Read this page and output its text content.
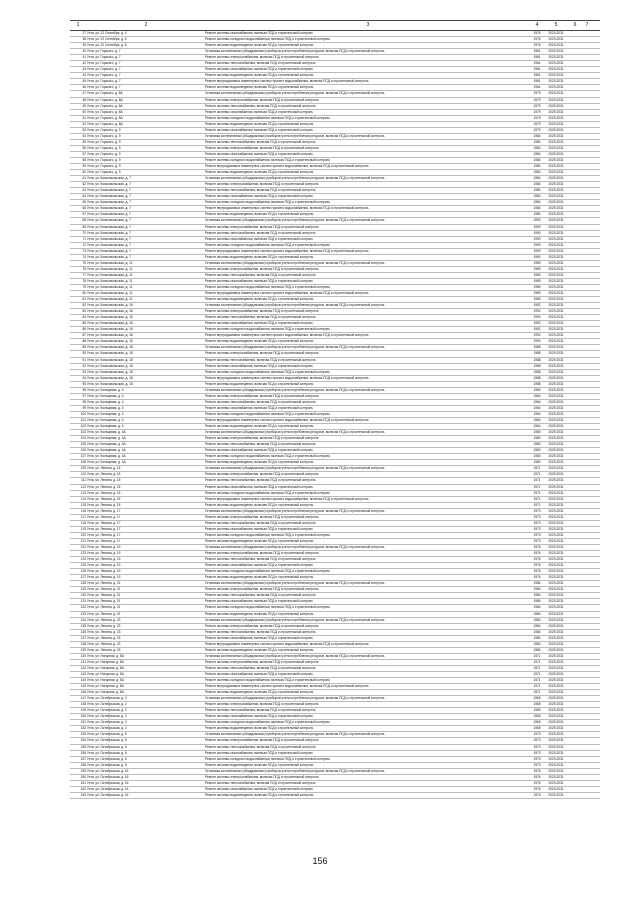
1	2	3	4	5	6	7
37 Ухта, ул. 22 Сентября, д. 4	Ремонт системы газоснабжения, включая ПСД и строительный контроль	1976	2029-2031
38 Ухта, ул. 22 Сентября, д. 6	Ремонт системы холодного водоснабжения, включая ПСД и строительный контроль	1976	2029-2031
39 Ухта, ул. 22 Сентября, д. 6	Ремонт системы водоотведения, включая ПСД и строительный контроль	1976	2029-2031
40 Ухта, ул. Горького, д. 7	Установка коллективных (общедомовых) приборов учета потребления ресурсов, включая ПСД и строительный контроль	1961	2029-2031
41 Ухта, ул. Горького, д. 7	Ремонт системы электроснабжения, включая ПСД и строительный контроль	1961	2029-2031
42 Ухта, ул. Горького, д. 7	Ремонт системы теплоснабжения, включая ПСД и строительный контроль	1961	2029-2031
43 Ухта, ул. Горького, д. 7	Ремонт системы газоснабжения, включая ПСД и строительный контроль	1961	2029-2031
44 Ухта, ул. Горького, д. 7	Ремонт системы водоотведения, включая ПСД и строительный контроль	1961	2029-2031
45 Ухта, ул. Горького, д. 7	Ремонт внутридомовых инженерных систем горячего водоснабжения, включая ПСД и строительный контроль	1961	2029-2031
46 Ухта, ул. Горького, д. 7	Ремонт системы водоотведения, включая ПСД и строительный контроль	1961	2029-2031
47 Ухта, ул. Горького, д. 8А	Установка коллективных (общедомовых) приборов учета потребления ресурсов, включая ПСД и строительный контроль	1979	2029-2031
48 Ухта, ул. Горького, д. 8А	Ремонт системы электроснабжения, включая ПСД и строительный контроль	1979	2029-2031
49 Ухта, ул. Горького, д. 8А	Ремонт системы теплоснабжения, включая ПСД и строительный контроль	1979	2029-2031
50 Ухта, ул. Горького, д. 8А	Ремонт системы газоснабжения, включая ПСД и строительный контроль	1979	2029-2031
51 Ухта, ул. Горького, д. 8А	Ремонт системы холодного водоснабжения, включая ПСД и строительный контроль	1979	2029-2031
52 Ухта, ул. Горького, д. 8А	Ремонт системы водоотведения, включая ПСД и строительный контроль	1979	2029-2031
53 Ухта, ул. Горького, д. 9	Ремонт системы газоснабжения, включая ПСД и строительный контроль	1979	2029-2031
54 Ухта, ул. Горького, д. 9	Установка коллективных (общедомовых) приборов учета потребления ресурсов, включая ПСД и строительный контроль	1984	2029-2031
55 Ухта, ул. Горького, д. 9	Ремонт системы теплоснабжения, включая ПСД и строительный контроль	1984	2029-2031
56 Ухта, ул. Горького, д. 9	Ремонт системы электроснабжения, включая ПСД и строительный контроль	1984	2029-2031
57 Ухта, ул. Горького, д. 9	Ремонт системы газоснабжения, включая ПСД и строительный контроль	1984	2029-2031
58 Ухта, ул. Горького, д. 9	Ремонт системы холодного водоснабжения, включая ПСД и строительный контроль	1984	2029-2031
59 Ухта, ул. Горького, д. 9	Ремонт внутридомовых инженерных систем горячего водоснабжения, включая ПСД и строительный контроль	1984	2029-2031
60 Ухта, ул. Горького, д. 9	Ремонт системы водоотведения, включая ПСД и строительный контроль	1984	2029-2031
61 Ухта, ул. Комсомольская, д. 7	Установка коллективных (общедомовых) приборов учета потребления ресурсов, включая ПСД и строительный контроль	1984	2029-2031
62 Ухта, ул. Комсомольская, д. 7	Ремонт системы электроснабжения, включая ПСД и строительный контроль	1984	2029-2031
63 Ухта, ул. Комсомольская, д. 7	Ремонт системы теплоснабжения, включая ПСД и строительный контроль	1984	2029-2031
64 Ухта, ул. Комсомольская, д. 7	Ремонт системы газоснабжения, включая ПСД и строительный контроль	1984	2029-2031
65 Ухта, ул. Комсомольская, д. 7	Ремонт системы холодного водоснабжения, включая ПСД и строительный контроль	1984	2029-2031
66 Ухта, ул. Комсомольская, д. 7	Ремонт внутридомовых инженерных систем горячего водоснабжения, включая ПСД и строительный контроль	1984	2029-2031
67 Ухта, ул. Комсомольская, д. 7	Ремонт системы водоотведения, включая ПСД и строительный контроль	1984	2029-2031
68 Ухта, ул. Комсомольская, д. 7	Установка коллективных (общедомовых) приборов учета потребления ресурсов, включая ПСД и строительный контроль	1990	2029-2031
69 Ухта, ул. Комсомольская, д. 7	Ремонт системы электроснабжения, включая ПСД и строительный контроль	1990	2029-2031
70 Ухта, ул. Комсомольская, д. 7	Ремонт системы теплоснабжения, включая ПСД и строительный контроль	1990	2029-2031
71 Ухта, ул. Комсомольская, д. 7	Ремонт системы газоснабжения, включая ПСД и строительный контроль	1990	2029-2031
72 Ухта, ул. Комсомольская, д. 7	Ремонт системы холодного водоснабжения, включая ПСД и строительный контроль	1990	2029-2031
73 Ухта, ул. Комсомольская, д. 7	Ремонт внутридомовых инженерных систем горячего водоснабжения, включая ПСД и строительный контроль	1990	2029-2031
74 Ухта, ул. Комсомольская, д. 7	Ремонт системы водоотведения, включая ПСД и строительный контроль	1990	2029-2031
75 Ухта, ул. Комсомольская, д. 11	Установка коллективных (общедомовых) приборов учета потребления ресурсов, включая ПСД и строительный контроль	1989	2029-2031
76 Ухта, ул. Комсомольская, д. 11	Ремонт системы электроснабжения, включая ПСД и строительный контроль	1989	2029-2031
77 Ухта, ул. Комсомольская, д. 11	Ремонт системы теплоснабжения, включая ПСД и строительный контроль	1989	2029-2031
78 Ухта, ул. Комсомольская, д. 11	Ремонт системы газоснабжения, включая ПСД и строительный контроль	1989	2029-2031
79 Ухта, ул. Комсомольская, д. 11	Ремонт системы холодного водоснабжения, включая ПСД и строительный контроль	1989	2029-2031
80 Ухта, ул. Комсомольская, д. 11	Ремонт внутридомовых инженерных систем горячего водоснабжения, включая ПСД и строительный контроль	1989	2029-2031
81 Ухта, ул. Комсомольская, д. 11	Ремонт системы водоотведения, включая ПСД и строительный контроль	1989	2029-2031
82 Ухта, ул. Комсомольская, д. 16	Установка коллективных (общедомовых) приборов учета потребления ресурсов, включая ПСД и строительный контроль	1992	2029-2031
83 Ухта, ул. Комсомольская, д. 16	Ремонт системы электроснабжения, включая ПСД и строительный контроль	1992	2029-2031
84 Ухта, ул. Комсомольская, д. 16	Ремонт системы теплоснабжения, включая ПСД и строительный контроль	1992	2029-2031
85 Ухта, ул. Комсомольская, д. 16	Ремонт системы газоснабжения, включая ПСД и строительный контроль	1992	2029-2031
86 Ухта, ул. Комсомольская, д. 16	Ремонт системы холодного водоснабжения, включая ПСД и строительный контроль	1992	2029-2031
87 Ухта, ул. Комсомольская, д. 16	Ремонт внутридомовых инженерных систем горячего водоснабжения, включая ПСД и строительный контроль	1992	2029-2031
88 Ухта, ул. Комсомольская, д. 16	Ремонт системы водоотведения, включая ПСД и строительный контроль	1992	2029-2031
89 Ухта, ул. Комсомольская, д. 18	Установка коллективных (общедомовых) приборов учета потребления ресурсов, включая ПСД и строительный контроль	1988	2029-2031
90 Ухта, ул. Комсомольская, д. 18	Ремонт системы электроснабжения, включая ПСД и строительный контроль	1988	2029-2031
91 Ухта, ул. Комсомольская, д. 18	Ремонт системы теплоснабжения, включая ПСД и строительный контроль	1988	2029-2031
92 Ухта, ул. Комсомольская, д. 18	Ремонт системы газоснабжения, включая ПСД и строительный контроль	1988	2029-2031
93 Ухта, ул. Комсомольская, д. 18	Ремонт системы холодного водоснабжения, включая ПСД и строительный контроль	1988	2029-2031
94 Ухта, ул. Комсомольская, д. 18	Ремонт внутридомовых инженерных систем горячего водоснабжения, включая ПСД и строительный контроль	1988	2029-2031
95 Ухта, ул. Комсомольская, д. 18	Ремонт системы водоотведения, включая ПСД и строительный контроль	1988	2029-2031
96 Ухта, ул. Кольцевая, д. 4	Установка коллективных (общедомовых) приборов учета потребления ресурсов, включая ПСД и строительный контроль	1964	2029-2031
97 Ухта, ул. Кольцевая, д. 4	Ремонт системы электроснабжения, включая ПСД и строительный контроль	1964	2029-2031
98 Ухта, ул. Кольцевая, д. 4	Ремонт системы теплоснабжения, включая ПСД и строительный контроль	1964	2029-2031
99 Ухта, ул. Кольцевая, д. 4	Ремонт системы газоснабжения, включая ПСД и строительный контроль	1964	2029-2031
100 Ухта, ул. Кольцевая, д. 4	Ремонт системы холодного водоснабжения, включая ПСД и строительный контроль	1964	2029-2031
101 Ухта, ул. Кольцевая, д. 4	Ремонт внутридомовых инженерных систем горячего водоснабжения, включая ПСД и строительный контроль	1964	2029-2031
102 Ухта, ул. Кольцевая, д. 4	Ремонт системы водоотведения, включая ПСД и строительный контроль	1964	2029-2031
103 Ухта, ул. Кольцевая, д. 4А	Установка коллективных (общедомовых) приборов учета потребления ресурсов, включая ПСД и строительный контроль	1980	2029-2031
104 Ухта, ул. Кольцевая, д. 4А	Ремонт системы электроснабжения, включая ПСД и строительный контроль	1980	2029-2031
105 Ухта, ул. Кольцевая, д. 4А	Ремонт системы теплоснабжения, включая ПСД и строительный контроль	1980	2029-2031
106 Ухта, ул. Кольцевая, д. 4А	Ремонт системы газоснабжения, включая ПСД и строительный контроль	1980	2029-2031
107 Ухта, ул. Кольцевая, д. 4А	Ремонт системы холодного водоснабжения, включая ПСД и строительный контроль	1980	2029-2031
108 Ухта, ул. Кольцевая, д. 4А	Ремонт системы водоотведения, включая ПСД и строительный контроль	1980	2029-2031
109 Ухта, ул. Ленина, д. 15	Установка коллективных (общедомовых) приборов учета потребления ресурсов, включая ПСД и строительный контроль	1971	2029-2031
110 Ухта, ул. Ленина, д. 15	Ремонт системы электроснабжения, включая ПСД и строительный контроль	1971	2029-2031
111 Ухта, ул. Ленина, д. 15	Ремонт системы теплоснабжения, включая ПСД и строительный контроль	1971	2029-2031
112 Ухта, ул. Ленина, д. 15	Ремонт системы газоснабжения, включая ПСД и строительный контроль	1971	2029-2031
113 Ухта, ул. Ленина, д. 15	Ремонт системы холодного водоснабжения, включая ПСД и строительный контроль	1971	2029-2031
114 Ухта, ул. Ленина, д. 15	Ремонт внутридомовых инженерных систем горячего водоснабжения, включая ПСД и строительный контроль	1971	2029-2031
115 Ухта, ул. Ленина, д. 15	Ремонт системы водоотведения, включая ПСД и строительный контроль	1971	2029-2031
116 Ухта, ул. Ленина, д. 17	Установка коллективных (общедомовых) приборов учета потребления ресурсов, включая ПСД и строительный контроль	1973	2029-2031
117 Ухта, ул. Ленина, д. 17	Ремонт системы электроснабжения, включая ПСД и строительный контроль	1973	2029-2031
118 Ухта, ул. Ленина, д. 17	Ремонт системы теплоснабжения, включая ПСД и строительный контроль	1973	2029-2031
119 Ухта, ул. Ленина, д. 17	Ремонт системы газоснабжения, включая ПСД и строительный контроль	1973	2029-2031
120 Ухта, ул. Ленина, д. 17	Ремонт системы холодного водоснабжения, включая ПСД и строительный контроль	1973	2029-2031
121 Ухта, ул. Ленина, д. 17	Ремонт системы водоотведения, включая ПСД и строительный контроль	1973	2029-2031
122 Ухта, ул. Ленина, д. 19	Установка коллективных (общедомовых) приборов учета потребления ресурсов, включая ПСД и строительный контроль	1976	2029-2031
123 Ухта, ул. Ленина, д. 19	Ремонт системы электроснабжения, включая ПСД и строительный контроль	1976	2029-2031
124 Ухта, ул. Ленина, д. 19	Ремонт системы теплоснабжения, включая ПСД и строительный контроль	1976	2029-2031
125 Ухта, ул. Ленина, д. 19	Ремонт системы газоснабжения, включая ПСД и строительный контроль	1976	2029-2031
126 Ухта, ул. Ленина, д. 19	Ремонт системы холодного водоснабжения, включая ПСД и строительный контроль	1976	2029-2031
127 Ухта, ул. Ленина, д. 19	Ремонт системы водоотведения, включая ПСД и строительный контроль	1976	2029-2031
128 Ухта, ул. Ленина, д. 21	Установка коллективных (общедомовых) приборов учета потребления ресурсов, включая ПСД и строительный контроль	1984	2029-2031
129 Ухта, ул. Ленина, д. 21	Ремонт системы электроснабжения, включая ПСД и строительный контроль	1984	2029-2031
130 Ухта, ул. Ленина, д. 21	Ремонт системы теплоснабжения, включая ПСД и строительный контроль	1984	2029-2031
131 Ухта, ул. Ленина, д. 21	Ремонт системы газоснабжения, включая ПСД и строительный контроль	1984	2029-2031
132 Ухта, ул. Ленина, д. 21	Ремонт системы холодного водоснабжения, включая ПСД и строительный контроль	1984	2029-2031
133 Ухта, ул. Ленина, д. 21	Ремонт системы водоотведения, включая ПСД и строительный контроль	1984	2029-2031
134 Ухта, ул. Ленина, д. 23	Установка коллективных (общедомовых) приборов учета потребления ресурсов, включая ПСД и строительный контроль	1984	2029-2031
135 Ухта, ул. Ленина, д. 23	Ремонт системы электроснабжения, включая ПСД и строительный контроль	1984	2029-2031
136 Ухта, ул. Ленина, д. 23	Ремонт системы теплоснабжения, включая ПСД и строительный контроль	1984	2029-2031
137 Ухта, ул. Ленина, д. 23	Ремонт системы газоснабжения, включая ПСД и строительный контроль	1984	2029-2031
138 Ухта, ул. Ленина, д. 23	Ремонт внутридомовых инженерных систем горячего водоснабжения, включая ПСД и строительный контроль	1984	2029-2031
139 Ухта, ул. Ленина, д. 23	Ремонт системы водоотведения, включая ПСД и строительный контроль	1984	2029-2031
140 Ухта, ул. Нагорная, д. 8А	Установка коллективных (общедомовых) приборов учета потребления ресурсов, включая ПСД и строительный контроль	1971	2029-2031
141 Ухта, ул. Нагорная, д. 8А	Ремонт системы электроснабжения, включая ПСД и строительный контроль	1971	2029-2031
142 Ухта, ул. Нагорная, д. 8А	Ремонт системы теплоснабжения, включая ПСД и строительный контроль	1971	2029-2031
143 Ухта, ул. Нагорная, д. 8А	Ремонт системы газоснабжения, включая ПСД и строительный контроль	1971	2029-2031
144 Ухта, ул. Нагорная, д. 8А	Ремонт системы холодного водоснабжения, включая ПСД и строительный контроль	1971	2029-2031
145 Ухта, ул. Нагорная, д. 8А	Ремонт внутридомовых инженерных систем горячего водоснабжения, включая ПСД и строительный контроль	1971	2029-2031
146 Ухта, ул. Нагорная, д. 8А	Ремонт системы водоотведения, включая ПСД и строительный контроль	1971	2029-2031
147 Ухта, ул. Октябрьская, д. 2	Установка коллективных (общедомовых) приборов учета потребления ресурсов, включая ПСД и строительный контроль	1965	2029-2031
148 Ухта, ул. Октябрьская, д. 2	Ремонт системы электроснабжения, включая ПСД и строительный контроль	1965	2029-2031
149 Ухта, ул. Октябрьская, д. 2	Ремонт системы теплоснабжения, включая ПСД и строительный контроль	1965	2029-2031
150 Ухта, ул. Октябрьская, д. 2	Ремонт системы газоснабжения, включая ПСД и строительный контроль	1965	2029-2031
151 Ухта, ул. Октябрьская, д. 2	Ремонт системы холодного водоснабжения, включая ПСД и строительный контроль	1965	2029-2031
152 Ухта, ул. Октябрьская, д. 2	Ремонт системы водоотведения, включая ПСД и строительный контроль	1965	2029-2031
153 Ухта, ул. Октябрьская, д. 6	Установка коллективных (общедомовых) приборов учета потребления ресурсов, включая ПСД и строительный контроль	1973	2029-2031
154 Ухта, ул. Октябрьская, д. 6	Ремонт системы электроснабжения, включая ПСД и строительный контроль	1973	2029-2031
155 Ухта, ул. Октябрьская, д. 6	Ремонт системы теплоснабжения, включая ПСД и строительный контроль	1973	2029-2031
156 Ухта, ул. Октябрьская, д. 6	Ремонт системы газоснабжения, включая ПСД и строительный контроль	1973	2029-2031
157 Ухта, ул. Октябрьская, д. 6	Ремонт системы холодного водоснабжения, включая ПСД и строительный контроль	1973	2029-2031
158 Ухта, ул. Октябрьская, д. 6	Ремонт системы водоотведения, включая ПСД и строительный контроль	1973	2029-2031
159 Ухта, ул. Октябрьская, д. 16	Установка коллективных (общедомовых) приборов учета потребления ресурсов, включая ПСД и строительный контроль	1976	2029-2031
160 Ухта, ул. Октябрьская, д. 16	Ремонт системы электроснабжения, включая ПСД и строительный контроль	1976	2029-2031
161 Ухта, ул. Октябрьская, д. 16	Ремонт системы теплоснабжения, включая ПСД и строительный контроль	1976	2029-2031
162 Ухта, ул. Октябрьская, д. 16	Ремонт системы газоснабжения, включая ПСД и строительный контроль	1976	2029-2031
163 Ухта, ул. Октябрьская, д. 16	Ремонт системы водоотведения, включая ПСД и строительный контроль	1976	2029-2031
156
